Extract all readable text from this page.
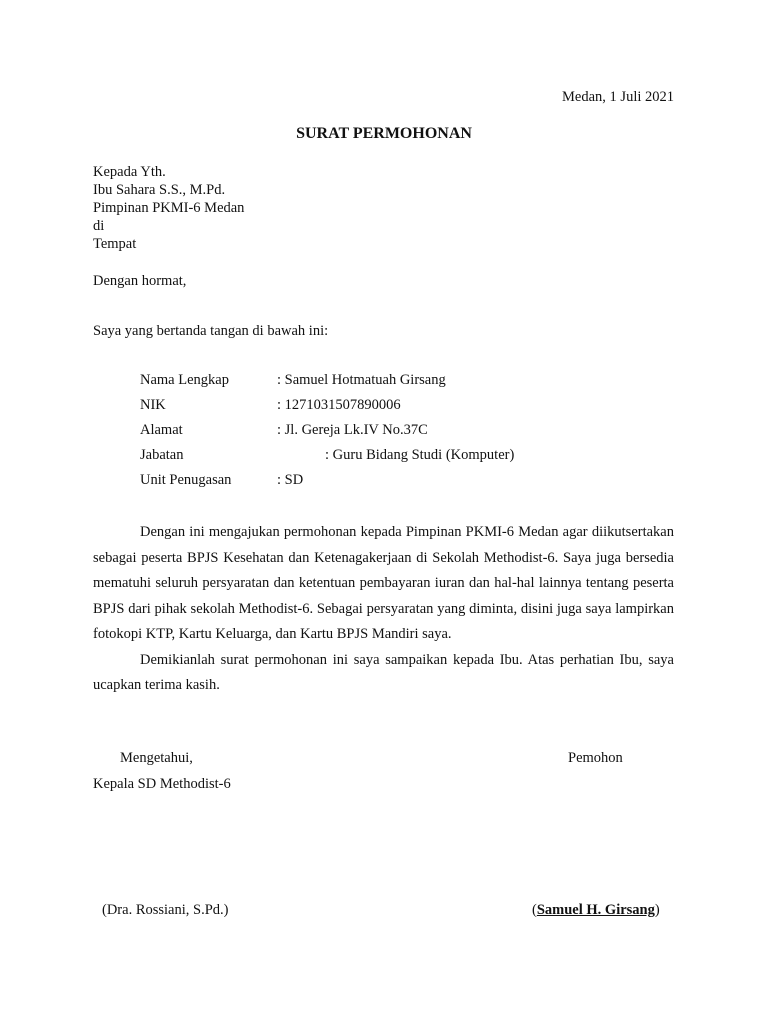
Medan, 1 Juli 2021
SURAT PERMOHONAN
Kepada Yth.
Ibu Sahara S.S., M.Pd.
Pimpinan PKMI-6 Medan
di
Tempat
Dengan hormat,
Saya yang bertanda tangan di bawah ini:
Nama Lengkap	: Samuel Hotmatuah Girsang
NIK	: 1271031507890006
Alamat	: Jl. Gereja Lk.IV No.37C
Jabatan	: Guru Bidang Studi (Komputer)
Unit Penugasan	: SD

Dengan ini mengajukan permohonan kepada Pimpinan PKMI-6 Medan agar diikutsertakan sebagai peserta BPJS Kesehatan dan Ketenagakerjaan di Sekolah Methodist-6. Saya juga bersedia mematuhi seluruh persyaratan dan ketentuan pembayaran iuran dan hal-hal lainnya tentang peserta BPJS dari pihak sekolah Methodist-6. Sebagai persyaratan yang diminta, disini juga saya lampirkan fotokopi KTP, Kartu Keluarga, dan Kartu BPJS Mandiri saya.

Demikianlah surat permohonan ini saya sampaikan kepada Ibu. Atas perhatian Ibu, saya ucapkan terima kasih.

Mengetahui,
Kepala SD Methodist-6
Pemohon
(Dra. Rossiani, S.Pd.)	(Samuel H. Girsang)
